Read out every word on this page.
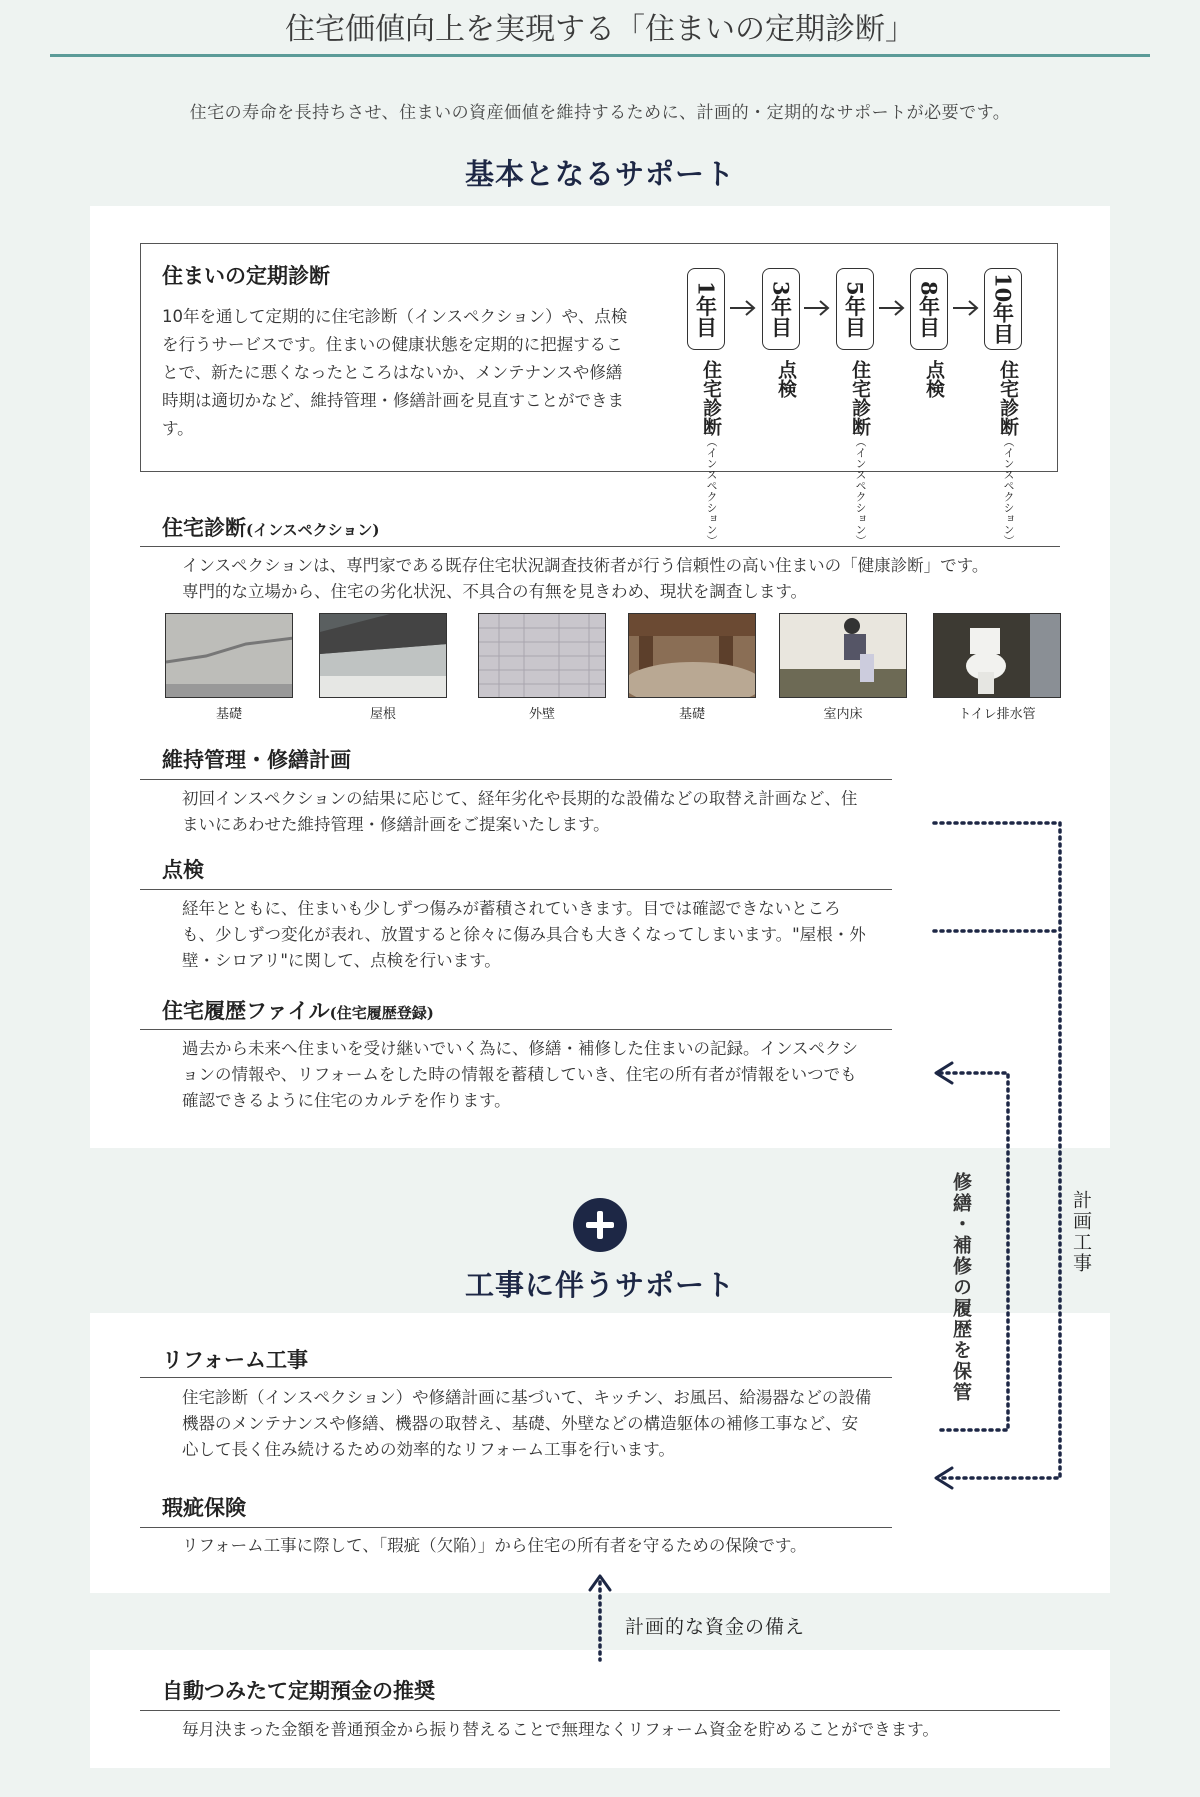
住宅価値向上を実現する「住まいの定期診断」
住宅の寿命を長持ちさせ、住まいの資産価値を維持するために、計画的・定期的なサポートが必要です。
基本となるサポート
住まいの定期診断
10年を通して定期的に住宅診断（インスペクション）や、点検を行うサービスです。住まいの健康状態を定期的に把握することで、新たに悪くなったところはないか、メンテナンスや修繕時期は適切かなど、維持管理・修繕計画を見直すことができます。
1年目	3年目	5年目	8年目	10年目
住宅診断（インスペクション）
点検	住宅診断（インスペクション）
点検	住宅診断（インスペクション）
住宅診断(インスペクション)
インスペクションは、専門家である既存住宅状況調査技術者が行う信頼性の高い住まいの「健康診断」です。
専門的な立場から、住宅の劣化状況、不具合の有無を見きわめ、現状を調査します。
基礎	屋根	外壁	基礎	室内床	トイレ排水管
維持管理・修繕計画
初回インスペクションの結果に応じて、経年劣化や長期的な設備などの取替え計画など、住まいにあわせた維持管理・修繕計画をご提案いたします。
点検
経年とともに、住まいも少しずつ傷みが蓄積されていきます。目では確認できないところも、少しずつ変化が表れ、放置すると徐々に傷み具合も大きくなってしまいます。"屋根・外壁・シロアリ"に関して、点検を行います。
住宅履歴ファイル(住宅履歴登録)
過去から未来へ住まいを受け継いでいく為に、修繕・補修した住まいの記録。インスペクションの情報や、リフォームをした時の情報を蓄積していき、住宅の所有者が情報をいつでも確認できるように住宅のカルテを作ります。
工事に伴うサポート
リフォーム工事
住宅診断（インスペクション）や修繕計画に基づいて、キッチン、お風呂、給湯器などの設備機器のメンテナンスや修繕、機器の取替え、基礎、外壁などの構造躯体の補修工事など、安心して長く住み続けるための効率的なリフォーム工事を行います。
瑕疵保険
リフォーム工事に際して、「瑕疵（欠陥）」から住宅の所有者を守るための保険です。
自動つみたて定期預金の推奨
毎月決まった金額を普通預金から振り替えることで無理なくリフォーム資金を貯めることができます。
修繕・補修の履歴を保管	計画工事
計画的な資金の備え
